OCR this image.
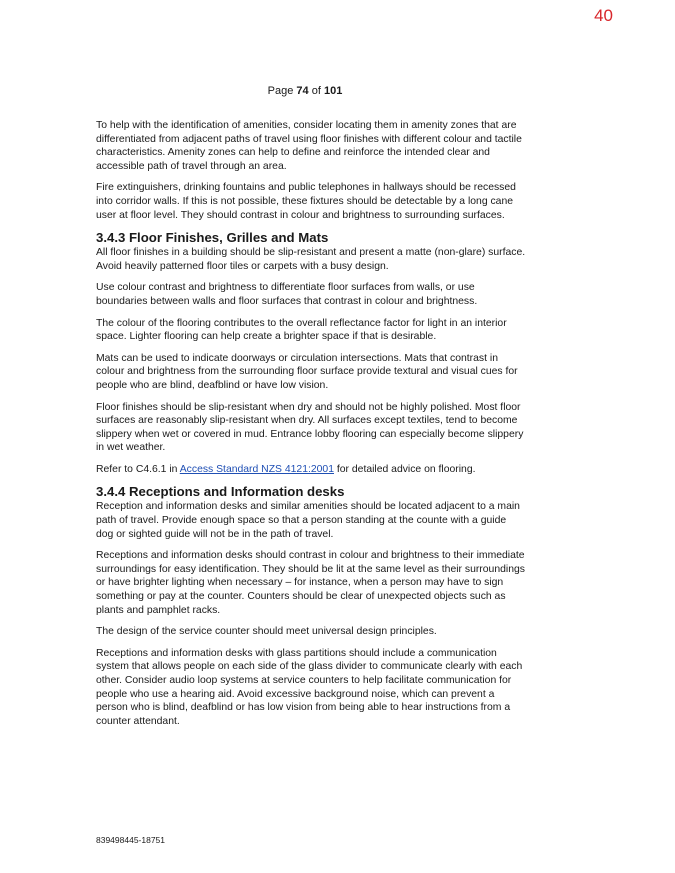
40
Page 74 of 101

To help with the identification of amenities, consider locating them in amenity zones that are differentiated from adjacent paths of travel using floor finishes with different colour and tactile characteristics. Amenity zones can help to define and reinforce the intended clear and accessible path of travel through an area.

Fire extinguishers, drinking fountains and public telephones in hallways should be recessed into corridor walls. If this is not possible, these fixtures should be detectable by a long cane user at floor level. They should contrast in colour and brightness to surrounding surfaces.

3.4.3 Floor Finishes, Grilles and Mats

All floor finishes in a building should be slip-resistant and present a matte (non-glare) surface. Avoid heavily patterned floor tiles or carpets with a busy design.

Use colour contrast and brightness to differentiate floor surfaces from walls, or use boundaries between walls and floor surfaces that contrast in colour and brightness.

The colour of the flooring contributes to the overall reflectance factor for light in an interior space. Lighter flooring can help create a brighter space if that is desirable.

Mats can be used to indicate doorways or circulation intersections. Mats that contrast in colour and brightness from the surrounding floor surface provide textural and visual cues for people who are blind, deafblind or have low vision.

Floor finishes should be slip-resistant when dry and should not be highly polished. Most floor surfaces are reasonably slip-resistant when dry. All surfaces except textiles, tend to become slippery when wet or covered in mud. Entrance lobby flooring can especially become slippery in wet weather.

Refer to C4.6.1 in Access Standard NZS 4121:2001 for detailed advice on flooring.

3.4.4 Receptions and Information desks

Reception and information desks and similar amenities should be located adjacent to a main path of travel. Provide enough space so that a person standing at the counte with a guide dog or sighted guide will not be in the path of travel.

Receptions and information desks should contrast in colour and brightness to their immediate surroundings for easy identification. They should be lit at the same level as their surroundings or have brighter lighting when necessary – for instance, when a person may have to sign something or pay at the counter. Counters should be clear of unexpected objects such as plants and pamphlet racks.

The design of the service counter should meet universal design principles.

Receptions and information desks with glass partitions should include a communication system that allows people on each side of the glass divider to communicate clearly with each other. Consider audio loop systems at service counters to help facilitate communication for people who use a hearing aid. Avoid excessive background noise, which can prevent a person who is blind, deafblind or has low vision from being able to hear instructions from a counter attendant.

839498445-18751
